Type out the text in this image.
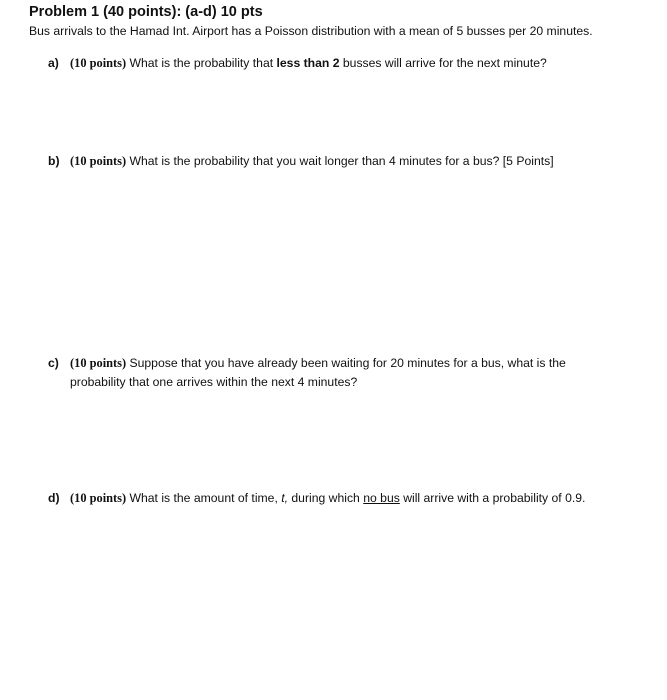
Problem 1 (40 points): (a-d) 10 pts
Bus arrivals to the Hamad Int. Airport has a Poisson distribution with a mean of 5 busses per 20 minutes.
a) (10 points) What is the probability that less than 2 busses will arrive for the next minute?
b) (10 points) What is the probability that you wait longer than 4 minutes for a bus? [5 Points]
c) (10 points) Suppose that you have already been waiting for 20 minutes for a bus, what is the
probability that one arrives within the next 4 minutes?
d) (10 points) What is the amount of time, t, during which no bus will arrive with a probability of 0.9.
